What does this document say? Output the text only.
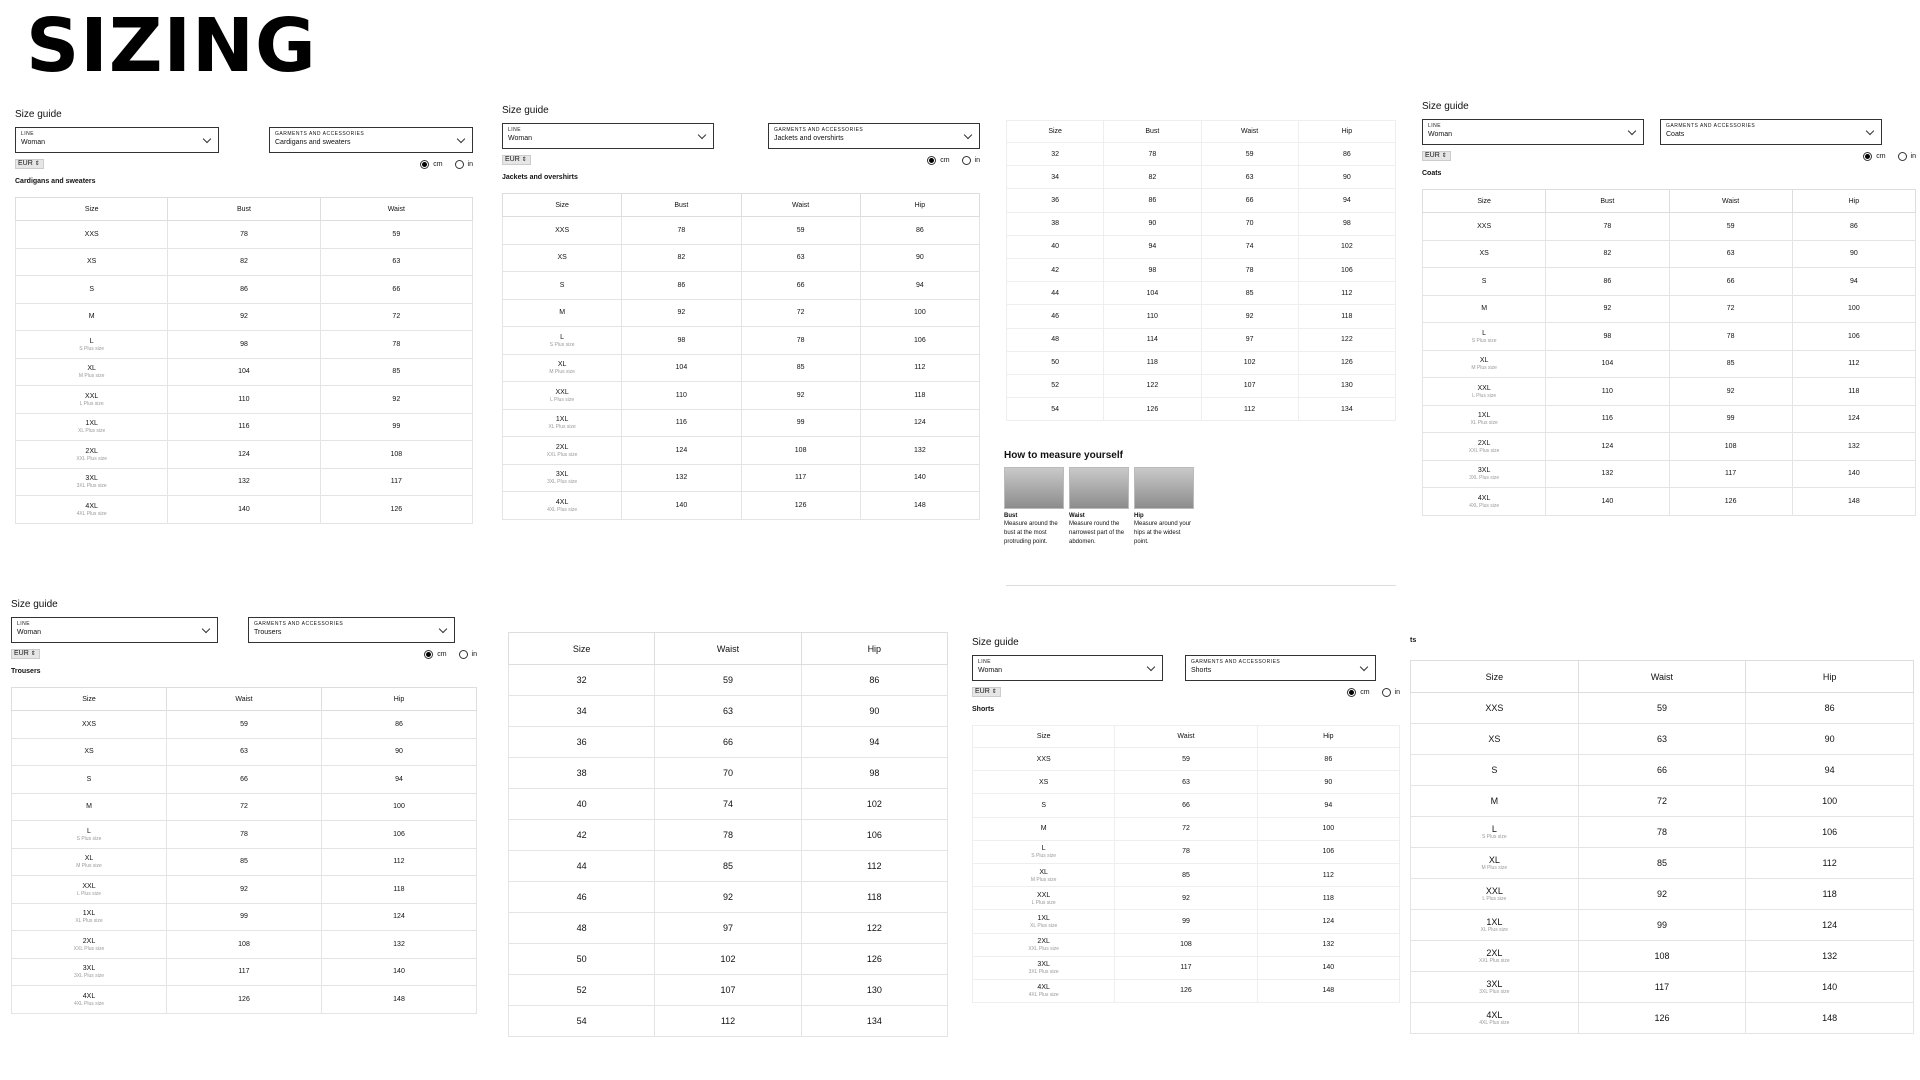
SIZING
Size guide
LINE
Woman
GARMENTS AND ACCESSORIES
Cardigans and sweaters
EUR ⇕	cm	in
Cardigans and sweaters
Size	Bust	Waist
XXS	78	59
XS	82	63
S	86	66
M	92	72
L
S Plus size	98	78
XL
M Plus size	104	85
XXL
L Plus size	110	92
1XL
XL Plus size	116	99
2XL
XXL Plus size	124	108
3XL
3XL Plus size	132	117
4XL
4XL Plus size	140	126
Size guide
LINE
Woman
GARMENTS AND ACCESSORIES
Jackets and overshirts
EUR ⇕	cm	in
Jackets and overshirts
Size	Bust	Waist	Hip
XXS	78	59	86
XS	82	63	90
S	86	66	94
M	92	72	100
L
S Plus size	98	78	106
XL
M Plus size	104	85	112
XXL
L Plus size	110	92	118
1XL
XL Plus size	116	99	124
2XL
XXL Plus size	124	108	132
3XL
3XL Plus size	132	117	140
4XL
4XL Plus size	140	126	148
Size	Bust	Waist	Hip
32	78	59	86
34	82	63	90
36	86	66	94
38	90	70	98
40	94	74	102
42	98	78	106
44	104	85	112
46	110	92	118
48	114	97	122
50	118	102	126
52	122	107	130
54	126	112	134
How to measure yourself
Bust
Measure around the bust at the most protruding point.
Waist
Measure round the narrowest part of the abdomen.
Hip
Measure around your hips at the widest point.
Size guide
LINE
Woman
GARMENTS AND ACCESSORIES
Coats
EUR ⇕	cm	in
Coats
Size	Bust	Waist	Hip
XXS	78	59	86
XS	82	63	90
S	86	66	94
M	92	72	100
L
S Plus size	98	78	106
XL
M Plus size	104	85	112
XXL
L Plus size	110	92	118
1XL
XL Plus size	116	99	124
2XL
XXL Plus size	124	108	132
3XL
3XL Plus size	132	117	140
4XL
4XL Plus size	140	126	148
Size guide
LINE
Woman
GARMENTS AND ACCESSORIES
Trousers
EUR ⇕	cm	in
Trousers
Size	Waist	Hip
XXS	59	86
XS	63	90
S	66	94
M	72	100
L
S Plus size	78	106
XL
M Plus size	85	112
XXL
L Plus size	92	118
1XL
XL Plus size	99	124
2XL
XXL Plus size	108	132
3XL
3XL Plus size	117	140
4XL
4XL Plus size	126	148
Size	Waist	Hip
32	59	86
34	63	90
36	66	94
38	70	98
40	74	102
42	78	106
44	85	112
46	92	118
48	97	122
50	102	126
52	107	130
54	112	134
Size guide
LINE
Woman
GARMENTS AND ACCESSORIES
Shorts
EUR ⇕	cm	in
Shorts
Size	Waist	Hip
XXS	59	86
XS	63	90
S	66	94
M	72	100
L
S Plus size	78	106
XL
M Plus size	85	112
XXL
L Plus size	92	118
1XL
XL Plus size	99	124
2XL
XXL Plus size	108	132
3XL
3XL Plus size	117	140
4XL
4XL Plus size	126	148
ts
Size	Waist	Hip
XXS	59	86
XS	63	90
S	66	94
M	72	100
L
S Plus size	78	106
XL
M Plus size	85	112
XXL
L Plus size	92	118
1XL
XL Plus size	99	124
2XL
XXL Plus size	108	132
3XL
3XL Plus size	117	140
4XL
4XL Plus size	126	148
